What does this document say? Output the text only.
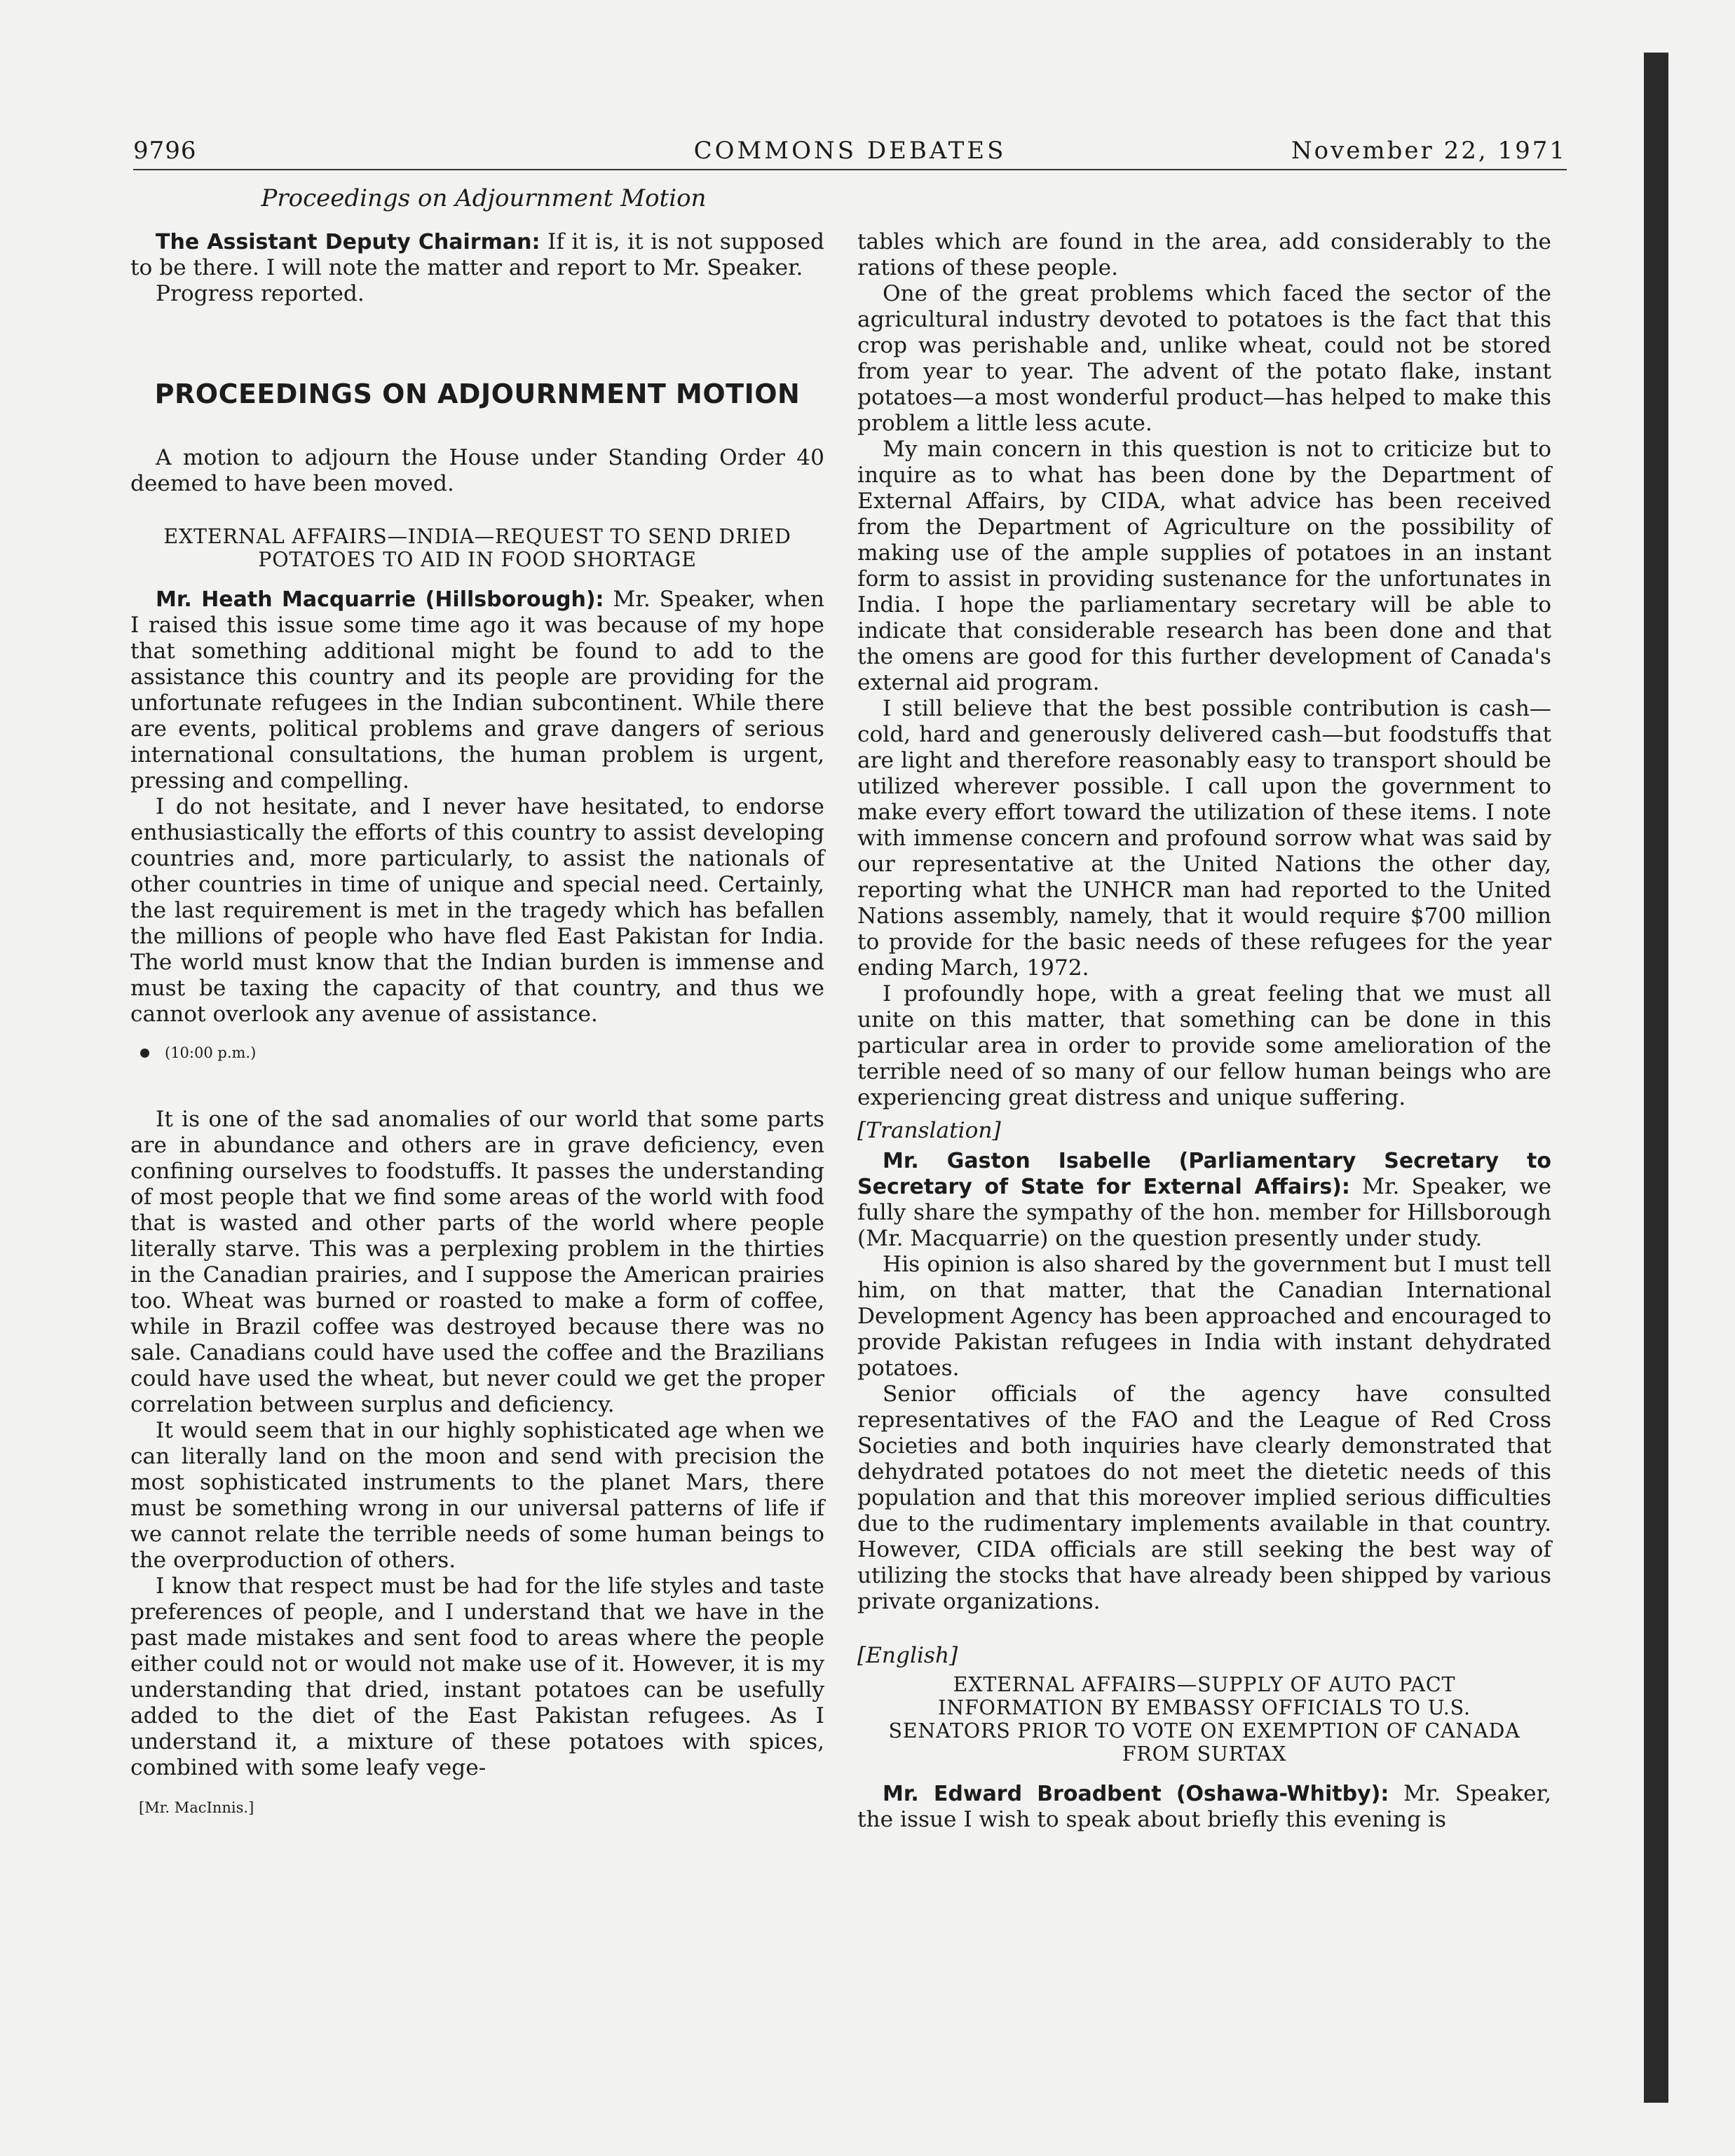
9796	COMMONS DEBATES	November 22, 1971
Proceedings on Adjournment Motion

The Assistant Deputy Chairman: If it is, it is not supposed to be there. I will note the matter and report to Mr. Speaker.

Progress reported.

PROCEEDINGS ON ADJOURNMENT MOTION

A motion to adjourn the House under Standing Order 40 deemed to have been moved.

EXTERNAL AFFAIRS—INDIA—REQUEST TO SEND DRIED
POTATOES TO AID IN FOOD SHORTAGE

Mr. Heath Macquarrie (Hillsborough): Mr. Speaker, when I raised this issue some time ago it was because of my hope that something additional might be found to add to the assistance this country and its people are providing for the unfortunate refugees in the Indian subcontinent. While there are events, political problems and grave dangers of serious international consultations, the human problem is urgent, pressing and compelling.

I do not hesitate, and I never have hesitated, to endorse enthusiastically the efforts of this country to assist developing countries and, more particularly, to assist the nationals of other countries in time of unique and special need. Certainly, the last requirement is met in the tragedy which has befallen the millions of people who have fled East Pakistan for India. The world must know that the Indian burden is immense and must be taxing the capacity of that country, and thus we cannot overlook any avenue of assistance.

(10:00 p.m.)

It is one of the sad anomalies of our world that some parts are in abundance and others are in grave deficiency, even confining ourselves to foodstuffs. It passes the understanding of most people that we find some areas of the world with food that is wasted and other parts of the world where people literally starve. This was a perplexing problem in the thirties in the Canadian prairies, and I suppose the American prairies too. Wheat was burned or roasted to make a form of coffee, while in Brazil coffee was destroyed because there was no sale. Canadians could have used the coffee and the Brazilians could have used the wheat, but never could we get the proper correlation between surplus and deficiency.

It would seem that in our highly sophisticated age when we can literally land on the moon and send with precision the most sophisticated instruments to the planet Mars, there must be something wrong in our universal patterns of life if we cannot relate the terrible needs of some human beings to the overproduction of others.

I know that respect must be had for the life styles and taste preferences of people, and I understand that we have in the past made mistakes and sent food to areas where the people either could not or would not make use of it. However, it is my understanding that dried, instant potatoes can be usefully added to the diet of the East Pakistan refugees. As I understand it, a mixture of these potatoes with spices, combined with some leafy vege-

[Mr. MacInnis.]

tables which are found in the area, add considerably to the rations of these people.

One of the great problems which faced the sector of the agricultural industry devoted to potatoes is the fact that this crop was perishable and, unlike wheat, could not be stored from year to year. The advent of the potato flake, instant potatoes—a most wonderful product—has helped to make this problem a little less acute.

My main concern in this question is not to criticize but to inquire as to what has been done by the Department of External Affairs, by CIDA, what advice has been received from the Department of Agriculture on the possibility of making use of the ample supplies of potatoes in an instant form to assist in providing sustenance for the unfortunates in India. I hope the parliamentary secretary will be able to indicate that considerable research has been done and that the omens are good for this further development of Canada's external aid program.

I still believe that the best possible contribution is cash—cold, hard and generously delivered cash—but foodstuffs that are light and therefore reasonably easy to transport should be utilized wherever possible. I call upon the government to make every effort toward the utilization of these items. I note with immense concern and profound sorrow what was said by our representative at the United Nations the other day, reporting what the UNHCR man had reported to the United Nations assembly, namely, that it would require $700 million to provide for the basic needs of these refugees for the year ending March, 1972.

I profoundly hope, with a great feeling that we must all unite on this matter, that something can be done in this particular area in order to provide some amelioration of the terrible need of so many of our fellow human beings who are experiencing great distress and unique suffering.

[Translation]

Mr. Gaston Isabelle (Parliamentary Secretary to Secretary of State for External Affairs): Mr. Speaker, we fully share the sympathy of the hon. member for Hillsborough (Mr. Macquarrie) on the question presently under study.

His opinion is also shared by the government but I must tell him, on that matter, that the Canadian International Development Agency has been approached and encouraged to provide Pakistan refugees in India with instant dehydrated potatoes.

Senior officials of the agency have consulted representatives of the FAO and the League of Red Cross Societies and both inquiries have clearly demonstrated that dehydrated potatoes do not meet the dietetic needs of this population and that this moreover implied serious difficulties due to the rudimentary implements available in that country. However, CIDA officials are still seeking the best way of utilizing the stocks that have already been shipped by various private organizations.

[English]

EXTERNAL AFFAIRS—SUPPLY OF AUTO PACT
INFORMATION BY EMBASSY OFFICIALS TO U.S.
SENATORS PRIOR TO VOTE ON EXEMPTION OF CANADA
FROM SURTAX

Mr. Edward Broadbent (Oshawa-Whitby): Mr. Speaker, the issue I wish to speak about briefly this evening is
